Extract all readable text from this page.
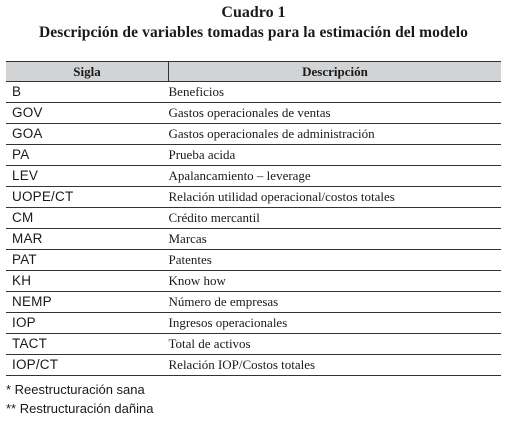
Cuadro 1
Descripción de variables tomadas para la estimación del modelo
Sigla	Descripción
B	Beneficios
GOV	Gastos operacionales de ventas
GOA	Gastos operacionales de administración
PA	Prueba acida
LEV	Apalancamiento – leverage
UOPE/CT	Relación utilidad operacional/costos totales
CM	Crédito mercantil
MAR	Marcas
PAT	Patentes
KH	Know how
NEMP	Número de empresas
IOP	Ingresos operacionales
TACT	Total de activos
IOP/CT	Relación IOP/Costos totales
* Reestructuración sana
** Restructuración dañina
